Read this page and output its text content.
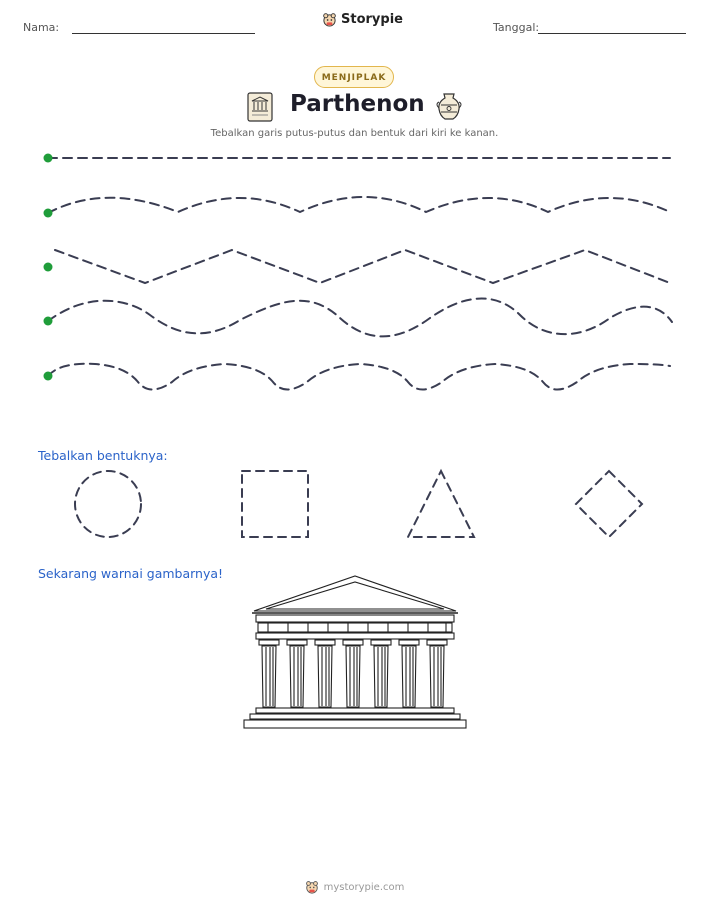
Nama:
Storypie
Tanggal:
MENJIPLAK
Parthenon
Tebalkan garis putus-putus dan bentuk dari kiri ke kanan.
Tebalkan bentuknya:
Sekarang warnai gambarnya!
mystorypie.com
